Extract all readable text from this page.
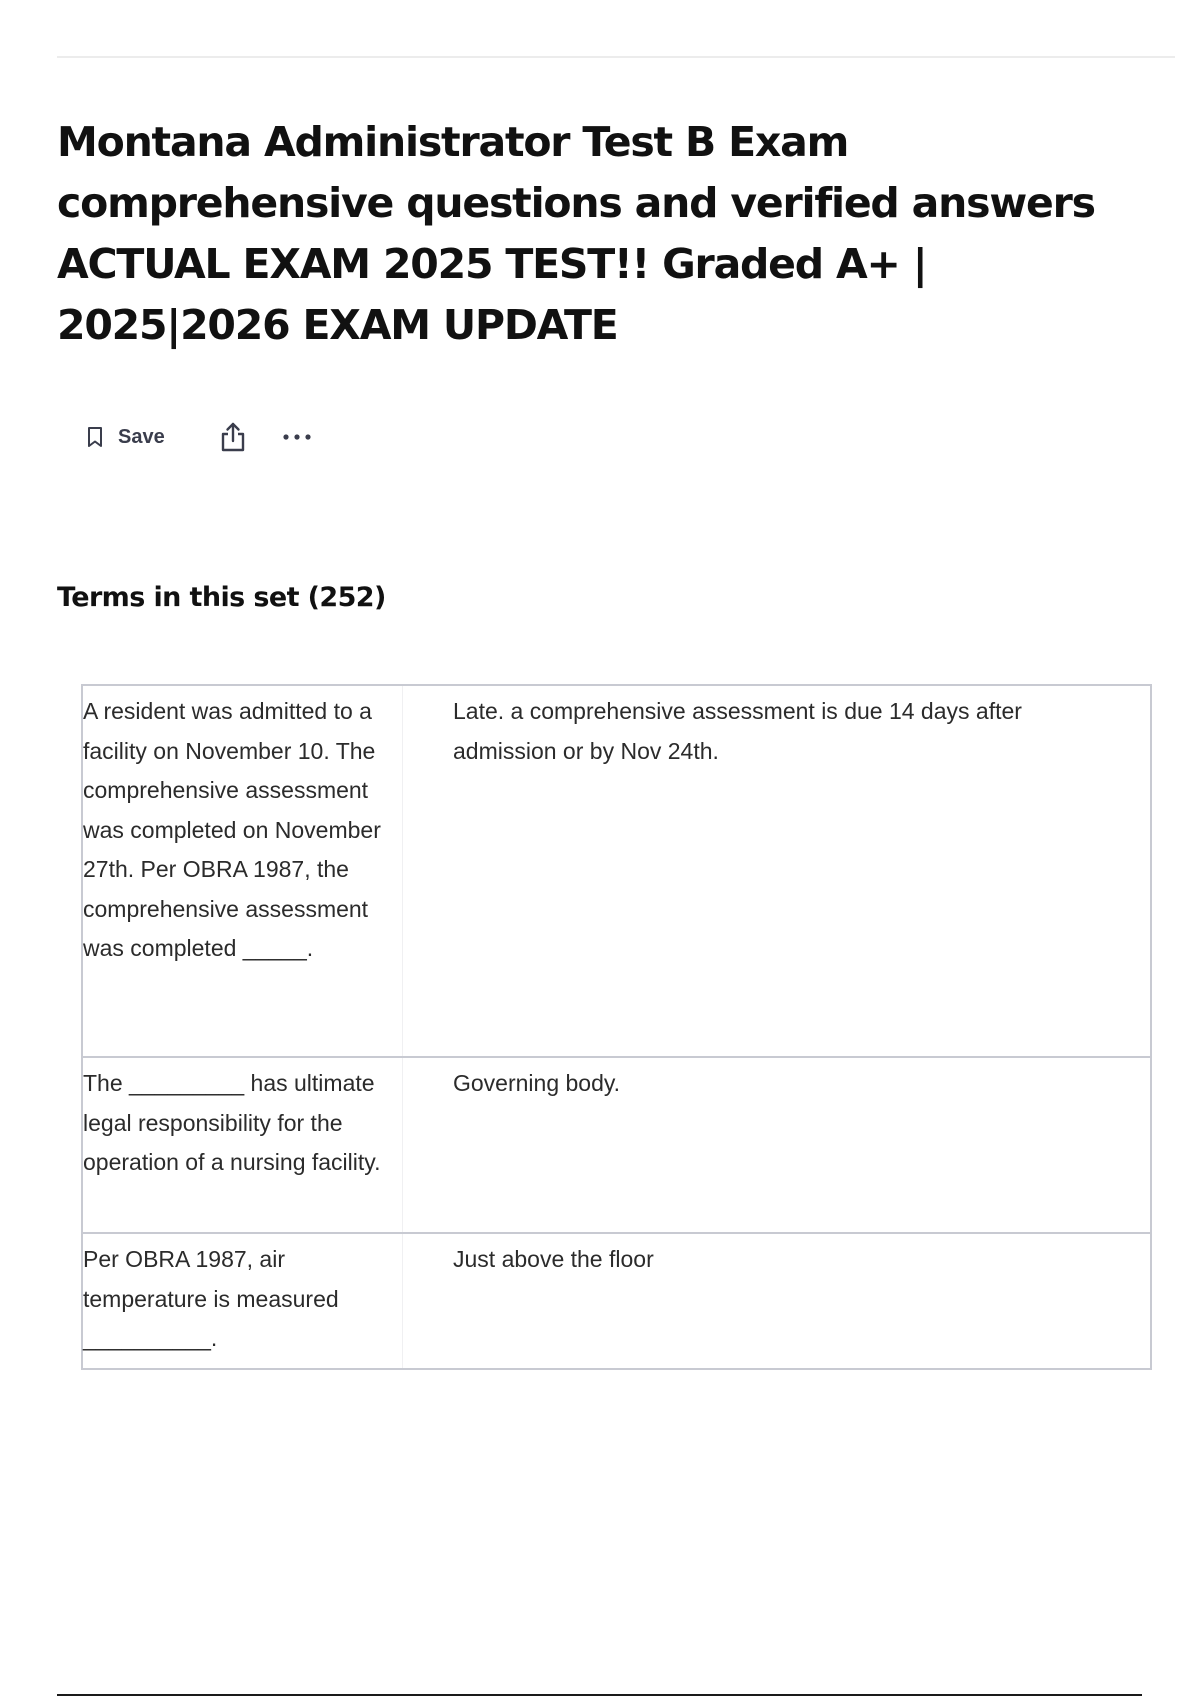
Montana Administrator Test B Exam comprehensive questions and verified answers ACTUAL EXAM 2025 TEST!! Graded A+ | 2025|2026 EXAM UPDATE
Save
Terms in this set (252)
A resident was admitted to a facility on November 10. The comprehensive assessment was completed on November 27th. Per OBRA 1987, the comprehensive assessment was completed _____.
Late. a comprehensive assessment is due 14 days after admission or by Nov 24th.
The _________ has ultimate legal responsibility for the operation of a nursing facility.
Governing body.
Per OBRA 1987, air temperature is measured __________.
Just above the floor
